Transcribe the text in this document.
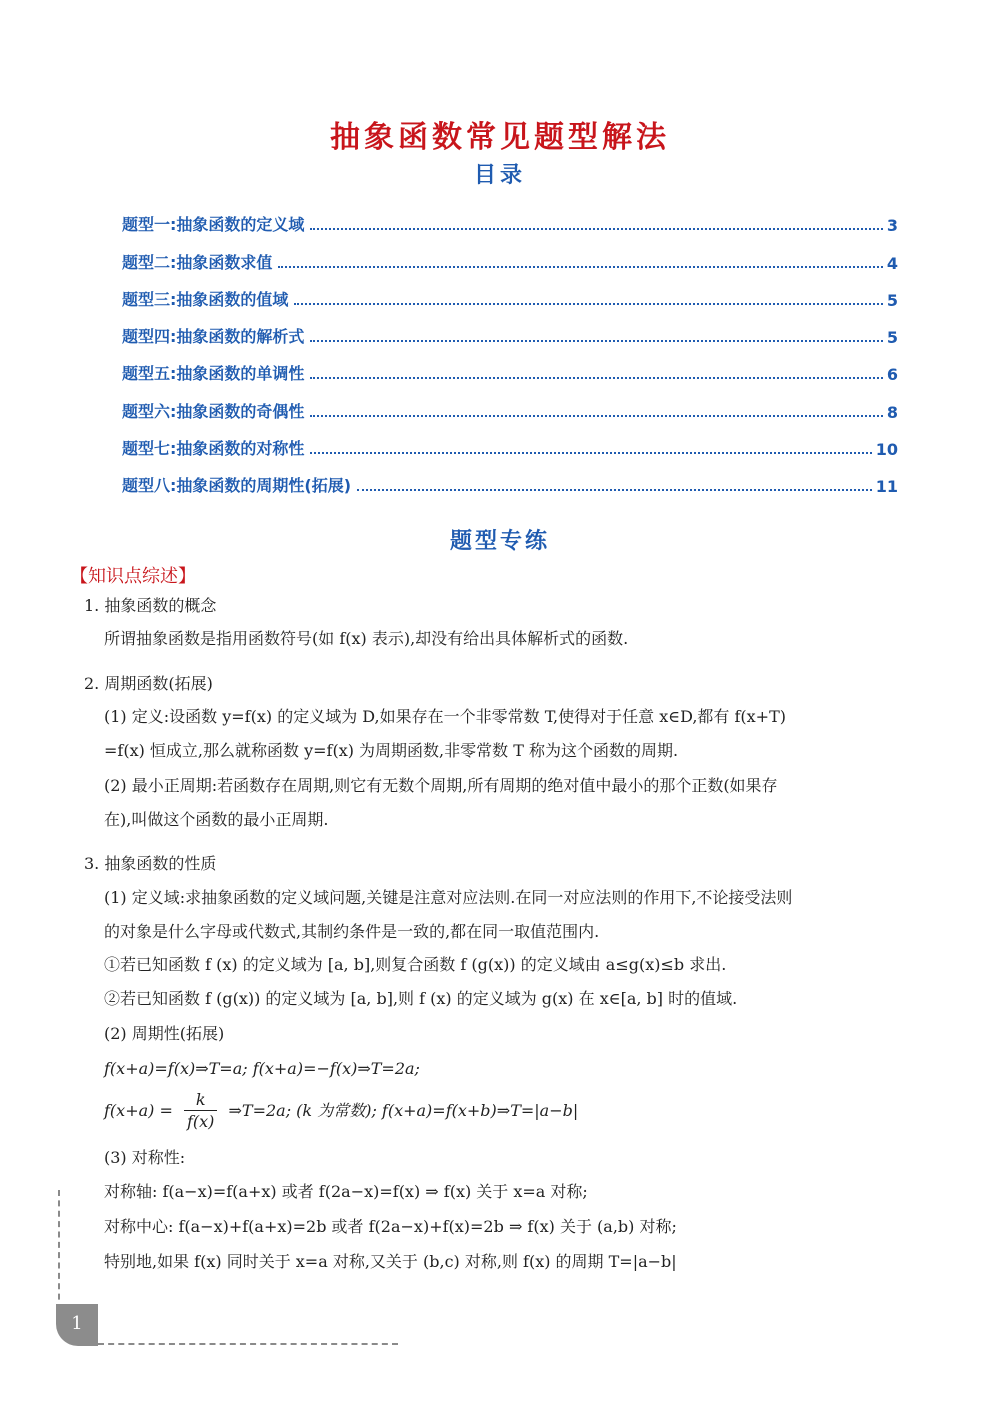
抽象函数常见题型解法
目录
题型一:抽象函数的定义域	3
题型二:抽象函数求值	4
题型三:抽象函数的值域	5
题型四:抽象函数的解析式	5
题型五:抽象函数的单调性	6
题型六:抽象函数的奇偶性	8
题型七:抽象函数的对称性	10
题型八:抽象函数的周期性(拓展)	11
题型专练
【知识点综述】
1. 抽象函数的概念
所谓抽象函数是指用函数符号(如 f(x) 表示),却没有给出具体解析式的函数.
2. 周期函数(拓展)
(1) 定义:设函数 y=f(x) 的定义域为 D,如果存在一个非零常数 T,使得对于任意 x∈D,都有 f(x+T)
=f(x) 恒成立,那么就称函数 y=f(x) 为周期函数,非零常数 T 称为这个函数的周期.
(2) 最小正周期:若函数存在周期,则它有无数个周期,所有周期的绝对值中最小的那个正数(如果存
在),叫做这个函数的最小正周期.
3. 抽象函数的性质
(1) 定义域:求抽象函数的定义域问题,关键是注意对应法则.在同一对应法则的作用下,不论接受法则
的对象是什么字母或代数式,其制约条件是一致的,都在同一取值范围内.
①若已知函数 f (x) 的定义域为 [a, b],则复合函数 f (g(x)) 的定义域由 a≤g(x)≤b 求出.
②若已知函数 f (g(x)) 的定义域为 [a, b],则 f (x) 的定义域为 g(x) 在 x∈[a, b] 时的值域.
(2) 周期性(拓展)
f(x+a)=f(x)⇒T=a; f(x+a)=−f(x)⇒T=2a;
$f(x+a) = \frac{k}{f(x)}$ ⇒T=2a; (k 为常数); f(x+a)=f(x+b)⇒T=|a−b|
(3) 对称性:
对称轴: f(a−x)=f(a+x) 或者 f(2a−x)=f(x) ⇒ f(x) 关于 x=a 对称;
对称中心: f(a−x)+f(a+x)=2b 或者 f(2a−x)+f(x)=2b ⇒ f(x) 关于 (a,b) 对称;
特别地,如果 f(x) 同时关于 x=a 对称,又关于 (b,c) 对称,则 f(x) 的周期 T=|a−b|
1
